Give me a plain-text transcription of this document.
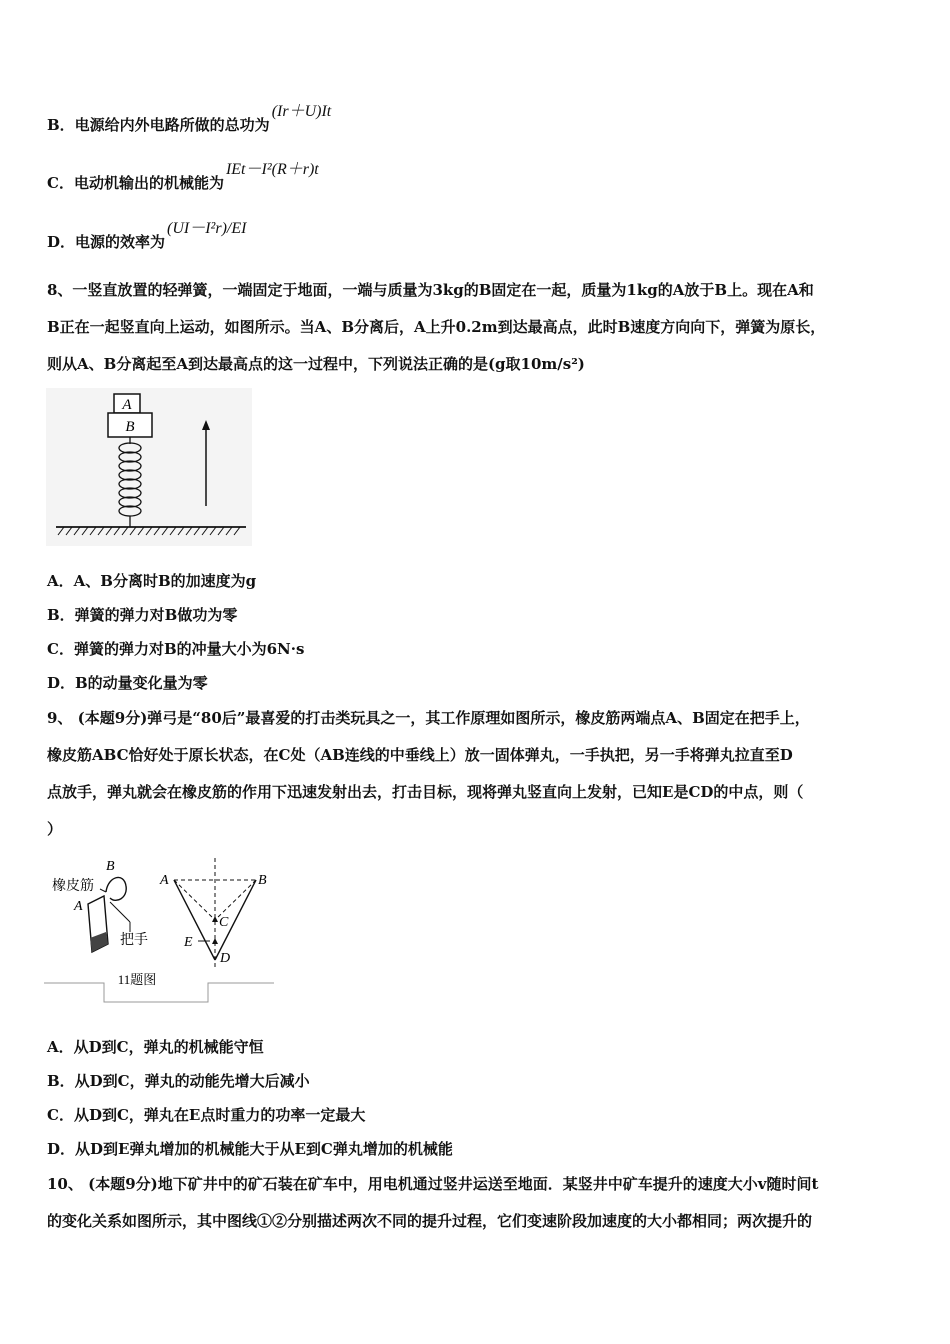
B．电源给内外电路所做的总功为(Ir＋U)It
C．电动机输出的机械能为IEt－I²(R＋r)t
D．电源的效率为(UI－I²r)/EI
8、一竖直放置的轻弹簧，一端固定于地面，一端与质量为3kg的B固定在一起，质量为1kg的A放于B上。现在A和
B正在一起竖直向上运动，如图所示。当A、B分离后，A上升0.2m到达最高点，此时B速度方向向下，弹簧为原长，
则从A、B分离起至A到达最高点的这一过程中，下列说法正确的是(g取10m/s²)
A
B
A．A、B分离时B的加速度为g
B．弹簧的弹力对B做功为零
C．弹簧的弹力对B的冲量大小为6N·s
D．B的动量变化量为零
9、 (本题9分)弹弓是“80后”最喜爱的打击类玩具之一，其工作原理如图所示，橡皮筋两端点A、B固定在把手上，
橡皮筋ABC恰好处于原长状态，在C处（AB连线的中垂线上）放一固体弹丸，一手执把，另一手将弹丸拉直至D
点放手，弹丸就会在橡皮筋的作用下迅速发射出去，打击目标，现将弹丸竖直向上发射，已知E是CD的中点，则（
）
橡皮筋
B
A
把手
A	B
C
E
D
11题图
A．从D到C，弹丸的机械能守恒
B．从D到C，弹丸的动能先增大后减小
C．从D到C，弹丸在E点时重力的功率一定最大
D．从D到E弹丸增加的机械能大于从E到C弹丸增加的机械能
10、 (本题9分)地下矿井中的矿石装在矿车中，用电机通过竖井运送至地面．某竖井中矿车提升的速度大小v随时间t
的变化关系如图所示，其中图线①②分别描述两次不同的提升过程，它们变速阶段加速度的大小都相同；两次提升的
